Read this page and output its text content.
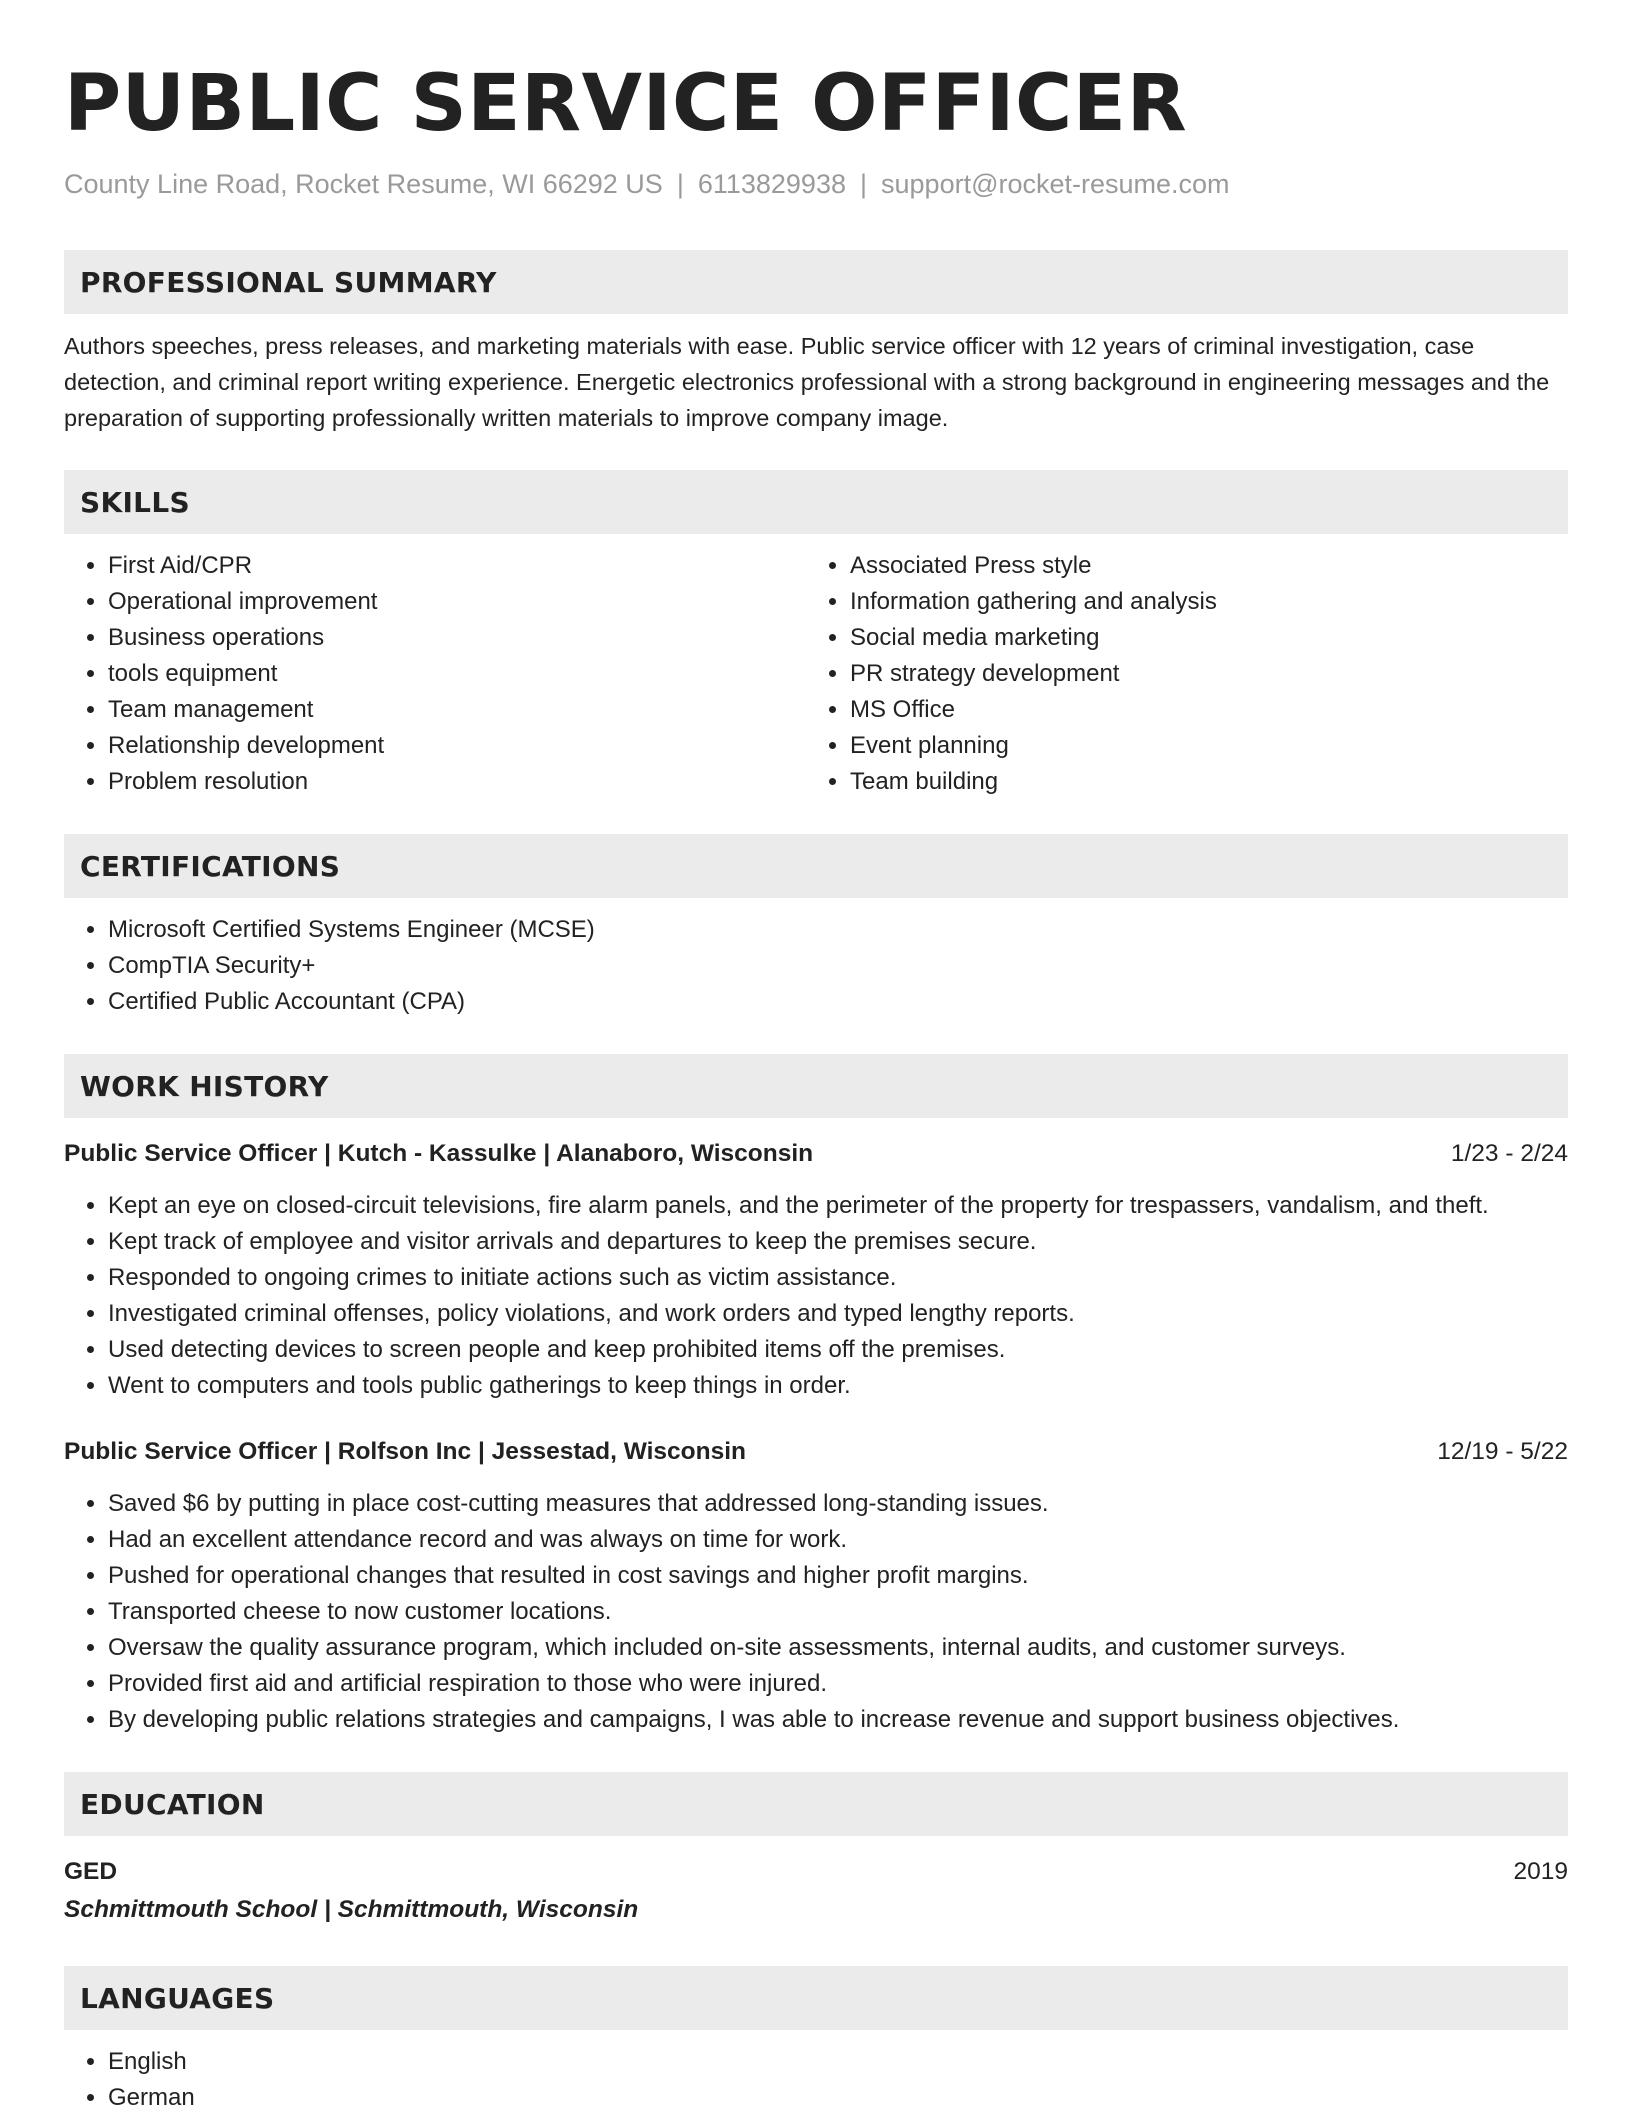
PUBLIC SERVICE OFFICER
County Line Road, Rocket Resume, WI 66292 US | 6113829938 | support@rocket-resume.com
PROFESSIONAL SUMMARY
Authors speeches, press releases, and marketing materials with ease. Public service officer with 12 years of criminal investigation, case detection, and criminal report writing experience. Energetic electronics professional with a strong background in engineering messages and the preparation of supporting professionally written materials to improve company image.
SKILLS
• First Aid/CPR
• Operational improvement
• Business operations
• tools equipment
• Team management
• Relationship development
• Problem resolution
• Associated Press style
• Information gathering and analysis
• Social media marketing
• PR strategy development
• MS Office
• Event planning
• Team building
CERTIFICATIONS
• Microsoft Certified Systems Engineer (MCSE)
• CompTIA Security+
• Certified Public Accountant (CPA)
WORK HISTORY
Public Service Officer | Kutch - Kassulke | Alanaboro, Wisconsin	1/23 - 2/24
• Kept an eye on closed-circuit televisions, fire alarm panels, and the perimeter of the property for trespassers, vandalism, and theft.
• Kept track of employee and visitor arrivals and departures to keep the premises secure.
• Responded to ongoing crimes to initiate actions such as victim assistance.
• Investigated criminal offenses, policy violations, and work orders and typed lengthy reports.
• Used detecting devices to screen people and keep prohibited items off the premises.
• Went to computers and tools public gatherings to keep things in order.
Public Service Officer | Rolfson Inc | Jessestad, Wisconsin	12/19 - 5/22
• Saved $6 by putting in place cost-cutting measures that addressed long-standing issues.
• Had an excellent attendance record and was always on time for work.
• Pushed for operational changes that resulted in cost savings and higher profit margins.
• Transported cheese to now customer locations.
• Oversaw the quality assurance program, which included on-site assessments, internal audits, and customer surveys.
• Provided first aid and artificial respiration to those who were injured.
• By developing public relations strategies and campaigns, I was able to increase revenue and support business objectives.
EDUCATION
GED	2019
Schmittmouth School | Schmittmouth, Wisconsin
LANGUAGES
• English
• German
